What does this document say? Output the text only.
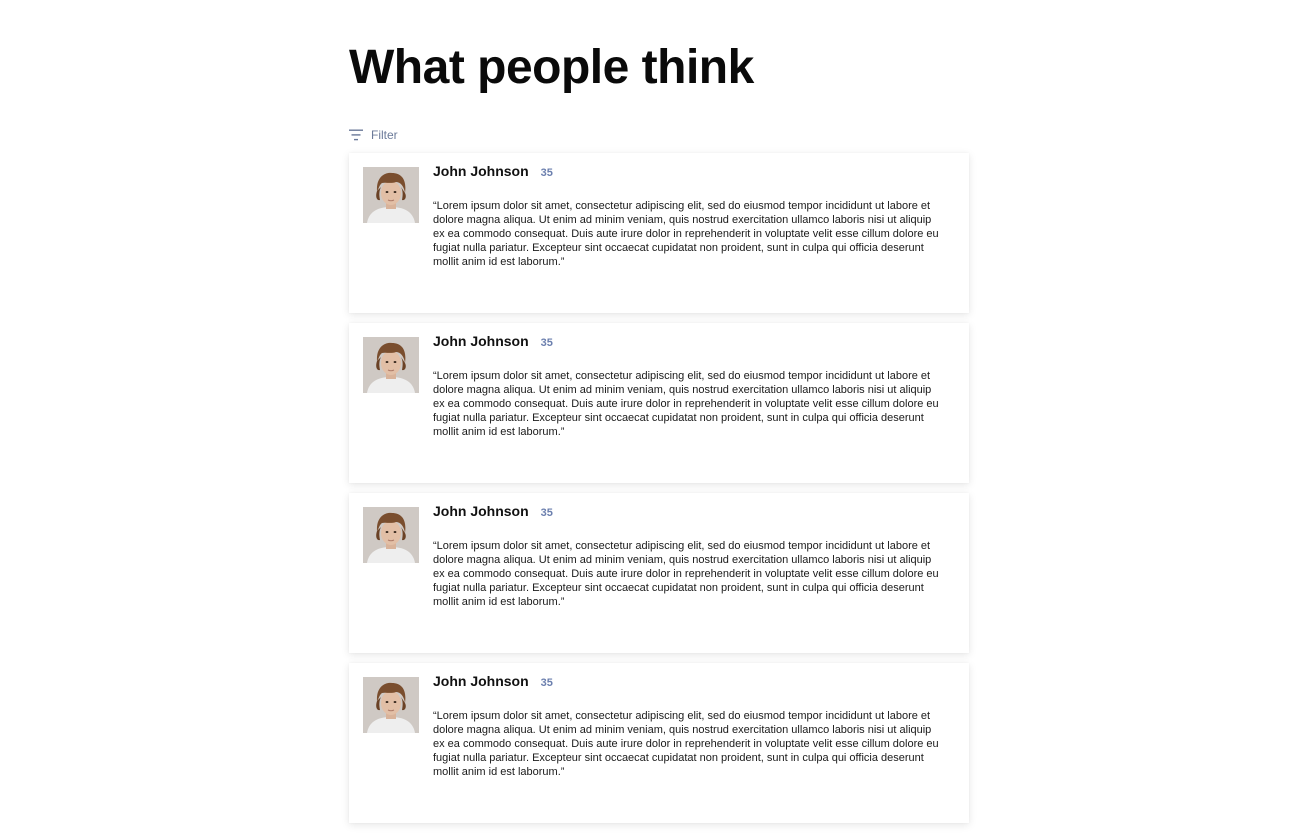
What people think
Filter
John Johnson 35

“Lorem ipsum dolor sit amet, consectetur adipiscing elit, sed do eiusmod tempor incididunt ut labore et dolore magna aliqua. Ut enim ad minim veniam, quis nostrud exercitation ullamco laboris nisi ut aliquip ex ea commodo consequat. Duis aute irure dolor in reprehenderit in voluptate velit esse cillum dolore eu fugiat nulla pariatur. Excepteur sint occaecat cupidatat non proident, sunt in culpa qui officia deserunt mollit anim id est laborum.”

John Johnson 35

“Lorem ipsum dolor sit amet, consectetur adipiscing elit, sed do eiusmod tempor incididunt ut labore et dolore magna aliqua. Ut enim ad minim veniam, quis nostrud exercitation ullamco laboris nisi ut aliquip ex ea commodo consequat. Duis aute irure dolor in reprehenderit in voluptate velit esse cillum dolore eu fugiat nulla pariatur. Excepteur sint occaecat cupidatat non proident, sunt in culpa qui officia deserunt mollit anim id est laborum.”

John Johnson 35

“Lorem ipsum dolor sit amet, consectetur adipiscing elit, sed do eiusmod tempor incididunt ut labore et dolore magna aliqua. Ut enim ad minim veniam, quis nostrud exercitation ullamco laboris nisi ut aliquip ex ea commodo consequat. Duis aute irure dolor in reprehenderit in voluptate velit esse cillum dolore eu fugiat nulla pariatur. Excepteur sint occaecat cupidatat non proident, sunt in culpa qui officia deserunt mollit anim id est laborum.”

John Johnson 35

“Lorem ipsum dolor sit amet, consectetur adipiscing elit, sed do eiusmod tempor incididunt ut labore et dolore magna aliqua. Ut enim ad minim veniam, quis nostrud exercitation ullamco laboris nisi ut aliquip ex ea commodo consequat. Duis aute irure dolor in reprehenderit in voluptate velit esse cillum dolore eu fugiat nulla pariatur. Excepteur sint occaecat cupidatat non proident, sunt in culpa qui officia deserunt mollit anim id est laborum.”
